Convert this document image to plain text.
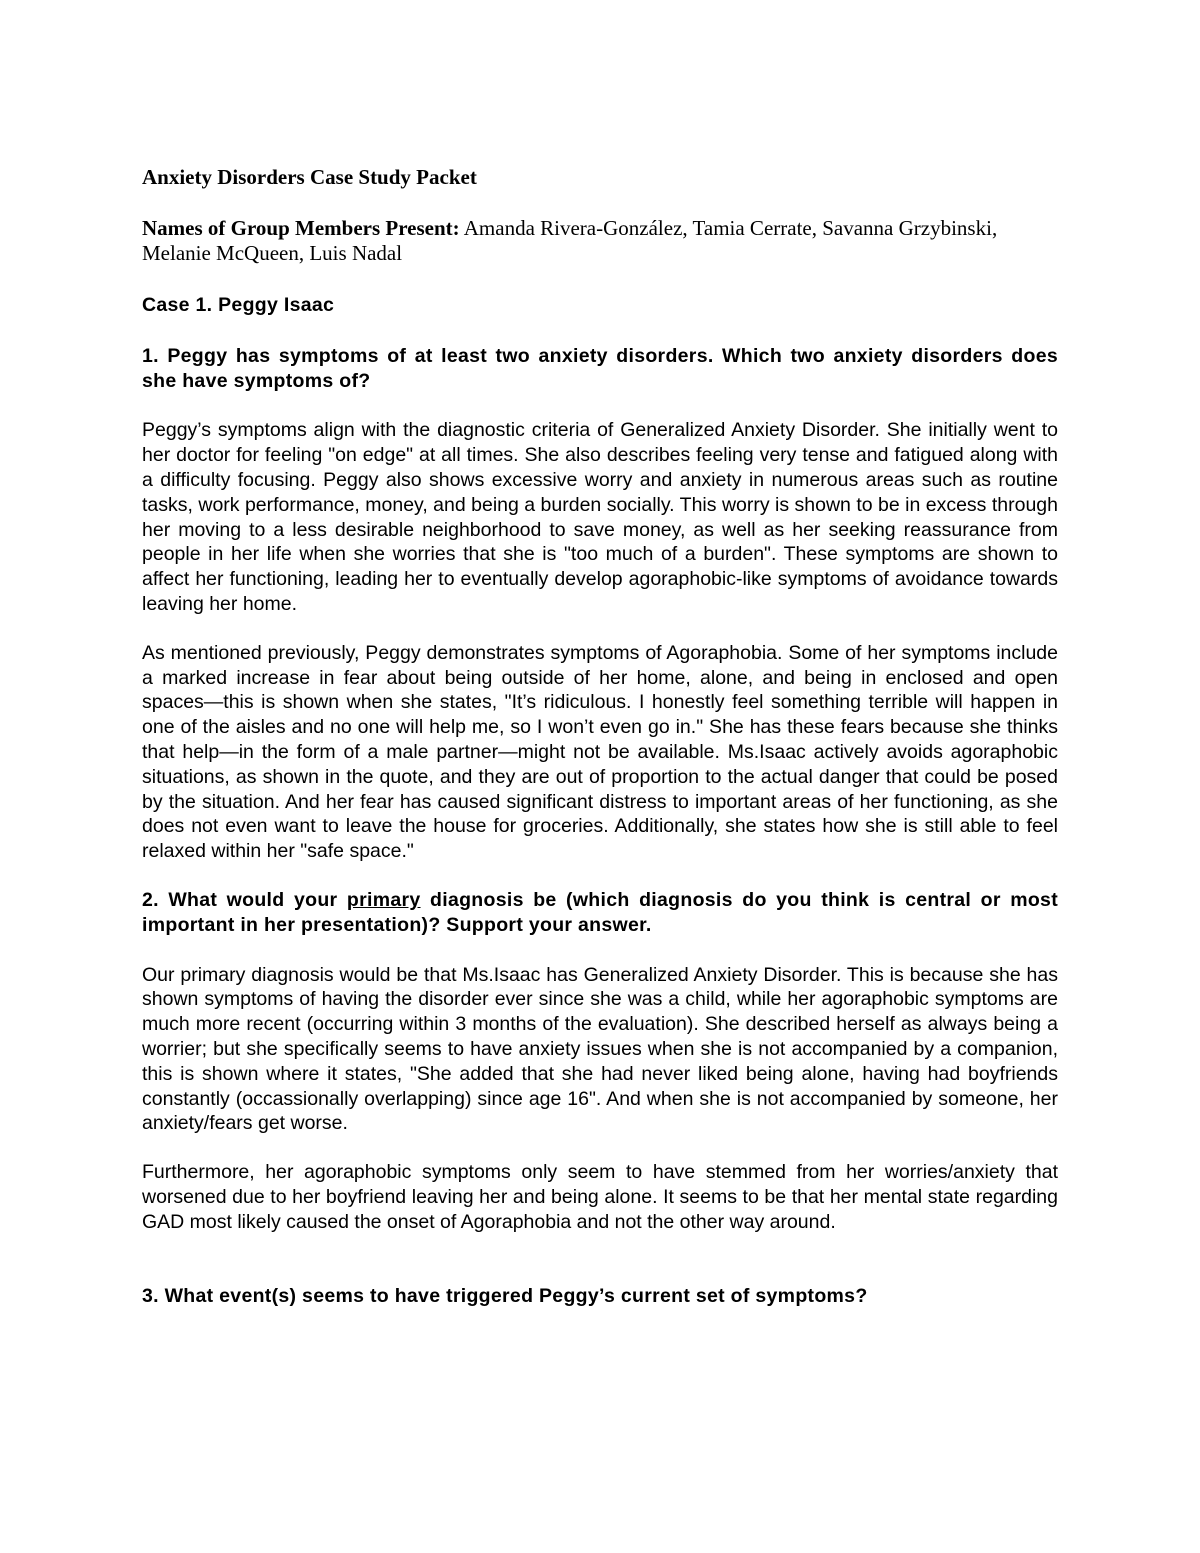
Anxiety Disorders Case Study Packet
Names of Group Members Present: Amanda Rivera-González, Tamia Cerrate, Savanna Grzybinski, Melanie McQueen, Luis Nadal
Case 1. Peggy Isaac
1. Peggy has symptoms of at least two anxiety disorders. Which two anxiety disorders does she have symptoms of?
Peggy’s symptoms align with the diagnostic criteria of Generalized Anxiety Disorder. She initially went to her doctor for feeling "on edge" at all times. She also describes feeling very tense and fatigued along with a difficulty focusing. Peggy also shows excessive worry and anxiety in numerous areas such as routine tasks, work performance, money, and being a burden socially. This worry is shown to be in excess through her moving to a less desirable neighborhood to save money, as well as her seeking reassurance from people in her life when she worries that she is "too much of a burden". These symptoms are shown to affect her functioning, leading her to eventually develop agoraphobic-like symptoms of avoidance towards leaving her home.
As mentioned previously, Peggy demonstrates symptoms of Agoraphobia. Some of her symptoms include a marked increase in fear about being outside of her home, alone, and being in enclosed and open spaces—this is shown when she states, "It’s ridiculous. I honestly feel something terrible will happen in one of the aisles and no one will help me, so I won’t even go in." She has these fears because she thinks that help—in the form of a male partner—might not be available. Ms.Isaac actively avoids agoraphobic situations, as shown in the quote, and they are out of proportion to the actual danger that could be posed by the situation. And her fear has caused significant distress to important areas of her functioning, as she does not even want to leave the house for groceries. Additionally, she states how she is still able to feel relaxed within her "safe space."
2. What would your primary diagnosis be (which diagnosis do you think is central or most important in her presentation)? Support your answer.
Our primary diagnosis would be that Ms.Isaac has Generalized Anxiety Disorder. This is because she has shown symptoms of having the disorder ever since she was a child, while her agoraphobic symptoms are much more recent (occurring within 3 months of the evaluation). She described herself as always being a worrier; but she specifically seems to have anxiety issues when she is not accompanied by a companion, this is shown where it states, "She added that she had never liked being alone, having had boyfriends constantly (occassionally overlapping) since age 16". And when she is not accompanied by someone, her anxiety/fears get worse.
Furthermore, her agoraphobic symptoms only seem to have stemmed from her worries/anxiety that worsened due to her boyfriend leaving her and being alone. It seems to be that her mental state regarding GAD most likely caused the onset of Agoraphobia and not the other way around.
3. What event(s) seems to have triggered Peggy’s current set of symptoms?
